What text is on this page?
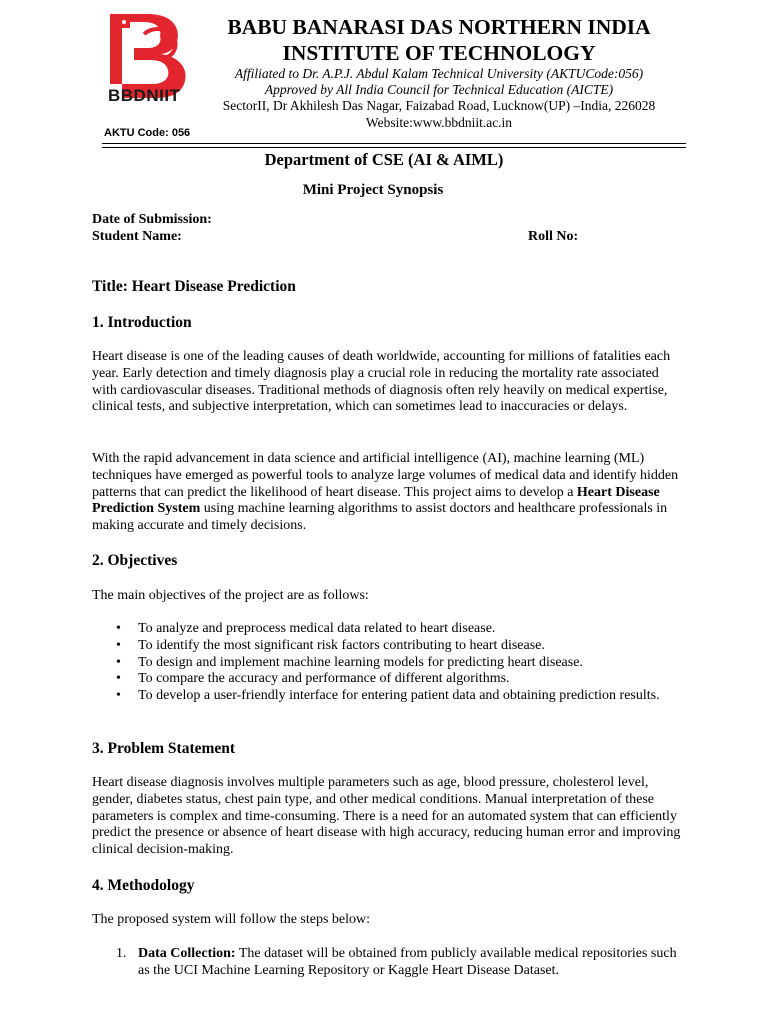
BBDNIIT
BABU BANARASI DAS NORTHERN INDIA
INSTITUTE OF TECHNOLOGY
Affiliated to Dr. A.P.J. Abdul Kalam Technical University (AKTUCode:056)
Approved by All India Council for Technical Education (AICTE)
SectorII, Dr Akhilesh Das Nagar, Faizabad Road, Lucknow(UP) –India, 226028
Website:www.bbdniit.ac.in
AKTU Code: 056
Department of CSE (AI & AIML)
Mini Project Synopsis
Date of Submission:
Student Name:	Roll No:
Title: Heart Disease Prediction
1. Introduction
Heart disease is one of the leading causes of death worldwide, accounting for millions of fatalities each year. Early detection and timely diagnosis play a crucial role in reducing the mortality rate associated with cardiovascular diseases. Traditional methods of diagnosis often rely heavily on medical expertise, clinical tests, and subjective interpretation, which can sometimes lead to inaccuracies or delays.
With the rapid advancement in data science and artificial intelligence (AI), machine learning (ML) techniques have emerged as powerful tools to analyze large volumes of medical data and identify hidden patterns that can predict the likelihood of heart disease. This project aims to develop a Heart Disease Prediction System using machine learning algorithms to assist doctors and healthcare professionals in making accurate and timely decisions.
2. Objectives
The main objectives of the project are as follows:
• To analyze and preprocess medical data related to heart disease.
• To identify the most significant risk factors contributing to heart disease.
• To design and implement machine learning models for predicting heart disease.
• To compare the accuracy and performance of different algorithms.
• To develop a user-friendly interface for entering patient data and obtaining prediction results.
3. Problem Statement
Heart disease diagnosis involves multiple parameters such as age, blood pressure, cholesterol level, gender, diabetes status, chest pain type, and other medical conditions. Manual interpretation of these parameters is complex and time-consuming. There is a need for an automated system that can efficiently predict the presence or absence of heart disease with high accuracy, reducing human error and improving clinical decision-making.
4. Methodology
The proposed system will follow the steps below:
1. Data Collection: The dataset will be obtained from publicly available medical repositories such as the UCI Machine Learning Repository or Kaggle Heart Disease Dataset.
